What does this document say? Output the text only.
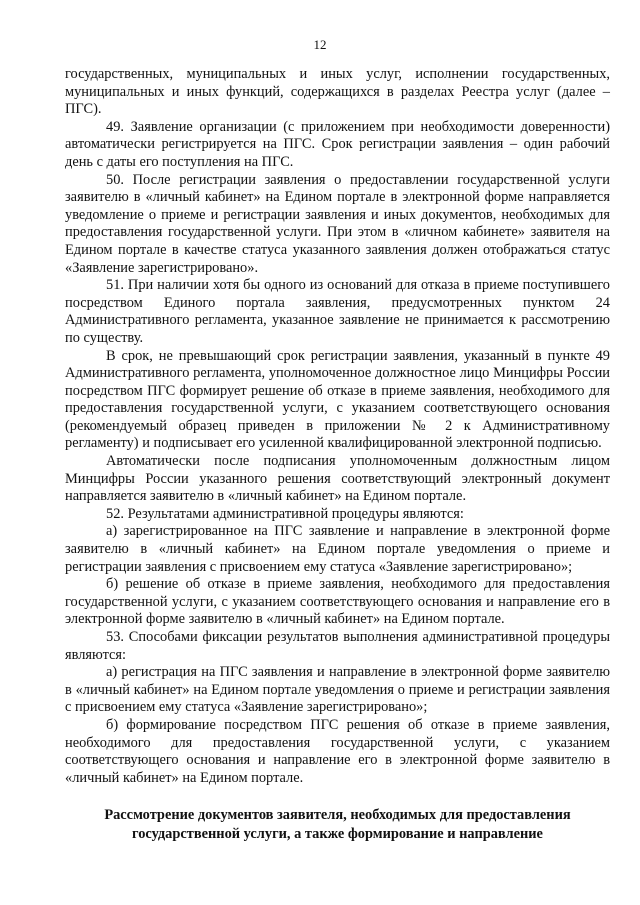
12

государственных, муниципальных и иных услуг, исполнении государственных, муниципальных и иных функций, содержащихся в разделах Реестра услуг (далее – ПГС).

49. Заявление организации (с приложением при необходимости доверенности) автоматически регистрируется на ПГС. Срок регистрации заявления – один рабочий день с даты его поступления на ПГС.

50. После регистрации заявления о предоставлении государственной услуги заявителю в «личный кабинет» на Едином портале в электронной форме направляется уведомление о приеме и регистрации заявления и иных документов, необходимых для предоставления государственной услуги. При этом в «личном кабинете» заявителя на Едином портале в качестве статуса указанного заявления должен отображаться статус «Заявление зарегистрировано».

51. При наличии хотя бы одного из оснований для отказа в приеме поступившего посредством Единого портала заявления, предусмотренных пунктом 24 Административного регламента, указанное заявление не принимается к рассмотрению по существу.

В срок, не превышающий срок регистрации заявления, указанный в пункте 49 Административного регламента, уполномоченное должностное лицо Минцифры России посредством ПГС формирует решение об отказе в приеме заявления, необходимого для предоставления государственной услуги, с указанием соответствующего основания (рекомендуемый образец приведен в приложении № 2 к Административному регламенту) и подписывает его усиленной квалифицированной электронной подписью.

Автоматически после подписания уполномоченным должностным лицом Минцифры России указанного решения соответствующий электронный документ направляется заявителю в «личный кабинет» на Едином портале.

52. Результатами административной процедуры являются:

а) зарегистрированное на ПГС заявление и направление в электронной форме заявителю в «личный кабинет» на Едином портале уведомления о приеме и регистрации заявления с присвоением ему статуса «Заявление зарегистрировано»;

б) решение об отказе в приеме заявления, необходимого для предоставления государственной услуги, с указанием соответствующего основания и направление его в электронной форме заявителю в «личный кабинет» на Едином портале.

53. Способами фиксации результатов выполнения административной процедуры являются:

а) регистрация на ПГС заявления и направление в электронной форме заявителю в «личный кабинет» на Едином портале уведомления о приеме и регистрации заявления с присвоением ему статуса «Заявление зарегистрировано»;

б) формирование посредством ПГС решения об отказе в приеме заявления, необходимого для предоставления государственной услуги, с указанием соответствующего основания и направление его в электронной форме заявителю в «личный кабинет» на Едином портале.

Рассмотрение документов заявителя, необходимых для предоставления
государственной услуги, а также формирование и направление
